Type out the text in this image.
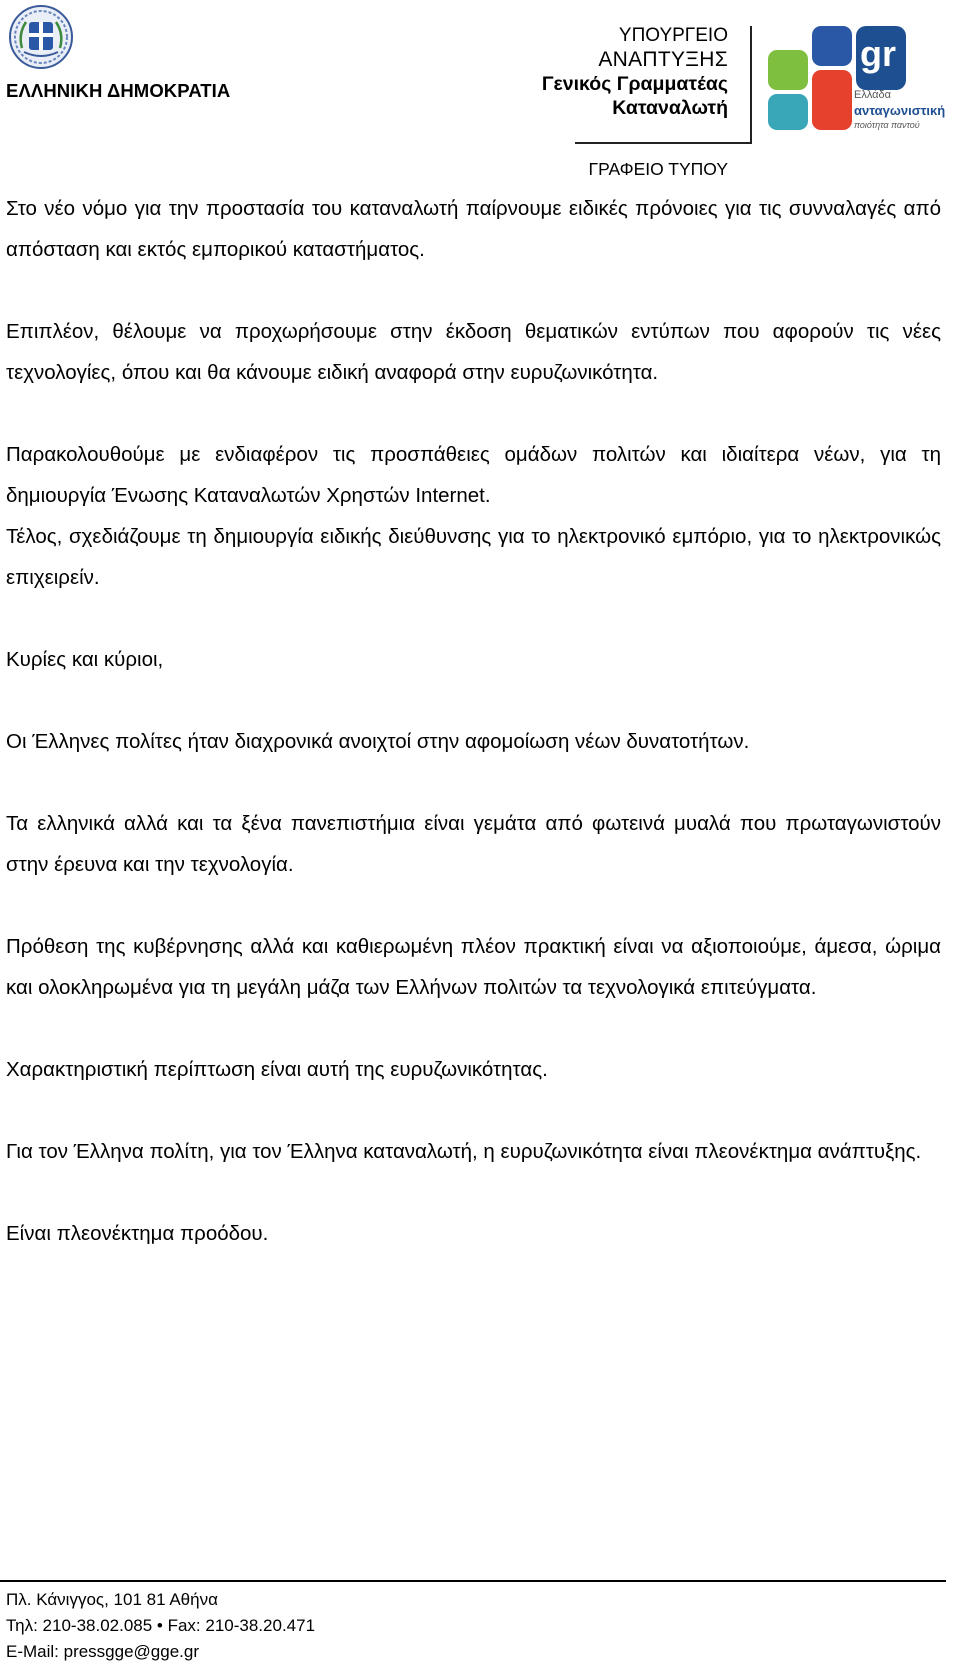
ΕΛΛΗΝΙΚΗ ΔΗΜΟΚΡΑΤΙΑ
ΥΠΟΥΡΓΕΙΟ
ΑΝΑΠΤΥΞΗΣ
Γενικός Γραμματέας
Καταναλωτή
gr
2005 2010
Ελλάδα
ανταγωνιστική
ποιότητα παντού
ΓΡΑΦΕΙΟ ΤΥΠΟΥ

Στο νέο νόμο για την προστασία του καταναλωτή παίρνουμε ειδικές πρόνοιες για τις συνναλαγές από απόσταση και εκτός εμπορικού καταστήματος.

Επιπλέον, θέλουμε να προχωρήσουμε στην έκδοση θεματικών εντύπων που αφορούν τις νέες τεχνολογίες, όπου και θα κάνουμε ειδική αναφορά στην ευρυζωνικότητα.

Παρακολουθούμε με ενδιαφέρον τις προσπάθειες ομάδων πολιτών και ιδιαίτερα νέων, για τη δημιουργία Ένωσης Καταναλωτών Χρηστών Internet.

Τέλος, σχεδιάζουμε τη δημιουργία ειδικής διεύθυνσης για το ηλεκτρονικό εμπόριο, για το ηλεκτρονικώς επιχειρείν.

Κυρίες και κύριοι,

Οι Έλληνες πολίτες ήταν διαχρονικά ανοιχτοί στην αφομοίωση νέων δυνατοτήτων.

Τα ελληνικά αλλά και τα ξένα πανεπιστήμια είναι γεμάτα από φωτεινά μυαλά που πρωταγωνιστούν στην έρευνα και την τεχνολογία.

Πρόθεση της κυβέρνησης αλλά και καθιερωμένη πλέον πρακτική είναι να αξιοποιούμε, άμεσα, ώριμα και ολοκληρωμένα για τη μεγάλη μάζα των Ελλήνων πολιτών τα τεχνολογικά επιτεύγματα.

Χαρακτηριστική περίπτωση είναι αυτή της ευρυζωνικότητας.

Για τον Έλληνα πολίτη, για τον Έλληνα καταναλωτή, η ευρυζωνικότητα είναι πλεονέκτημα ανάπτυξης.

Είναι πλεονέκτημα προόδου.

Πλ. Κάνιγγος, 101 81 Αθήνα
Τηλ: 210-38.02.085 • Fax: 210-38.20.471
E-Mail: pressgge@gge.gr
